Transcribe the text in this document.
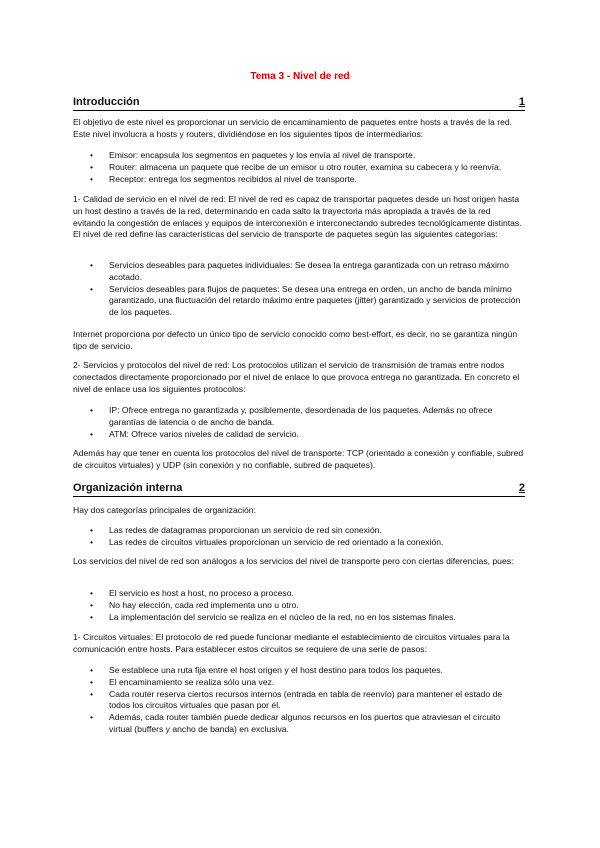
Tema 3 - Nivel de red
Introducción	1

El objetivo de este nivel es proporcionar un servicio de encaminamiento de paquetes entre hosts a través de la red. Este nivel involucra a hosts y routers, dividiéndose en los siguientes tipos de intermediarios:

• Emisor: encapsula los segmentos en paquetes y los envía al nivel de transporte.
• Router: almacena un paquete que recibe de un emisor u otro router, examina su cabecera y lo reenvía.
• Receptor: entrega los segmentos recibidos al nivel de transporte.

1- Calidad de servicio en el nivel de red: El nivel de red es capaz de transportar paquetes desde un host origen hasta un host destino a través de la red, determinando en cada salto la trayectoria más apropiada a través de la red evitando la congestión de enlaces y equipos de interconexión e interconectando subredes tecnológicamente distintas. El nivel de red define las características del servicio de transporte de paquetes según las siguientes categorías:

• Servicios deseables para paquetes individuales: Se desea la entrega garantizada con un retraso máximo acotado.
• Servicios deseables para flujos de paquetes: Se desea una entrega en orden, un ancho de banda mínimo garantizado, una fluctuación del retardo máximo entre paquetes (jitter) garantizado y servicios de protección de los paquetes.

Internet proporciona por defecto un único tipo de servicio conocido como best-effort, es decir, no se garantiza ningún tipo de servicio.

2- Servicios y protocolos del nivel de red: Los protocolos utilizan el servicio de transmisión de tramas entre nodos conectados directamente proporcionado por el nivel de enlace lo que provoca entrega no garantizada. En concreto el nivel de enlace usa los siguientes protocolos:

• IP: Ofrece entrega no garantizada y, posiblemente, desordenada de los paquetes. Además no ofrece garantías de latencia o de ancho de banda.
• ATM: Ofrece varios niveles de calidad de servicio.

Además hay que tener en cuenta los protocolos del nivel de transporte: TCP (orientado a conexión y confiable, subred de circuitos virtuales) y UDP (sin conexión y no confiable, subred de paquetes).

Organización interna	2

Hay dos categorías principales de organización:

• Las redes de datagramas proporcionan un servicio de red sin conexión.
• Las redes de circuitos virtuales proporcionan un servicio de red orientado a la conexión.

Los servicios del nivel de red son análogos a los servicios del nivel de transporte pero con ciertas diferencias, pues:

• El servicio es host a host, no proceso a proceso.
• No hay elección, cada red implementa uno u otro.
• La implementación del servicio se realiza en el núcleo de la red, no en los sistemas finales.

1- Circuitos virtuales: El protocolo de red puede funcionar mediante el establecimiento de circuitos virtuales para la comunicación entre hosts. Para establecer estos circuitos se requiere de una serie de pasos:

• Se establece una ruta fija entre el host origen y el host destino para todos los paquetes.
• El encaminamiento se realiza sólo una vez.
• Cada router reserva ciertos recursos internos (entrada en tabla de reenvío) para mantener el estado de todos los circuitos virtuales que pasan por él.
• Además, cada router también puede dedicar algunos recursos en los puertos que atraviesan el circuito virtual (buffers y ancho de banda) en exclusiva.
